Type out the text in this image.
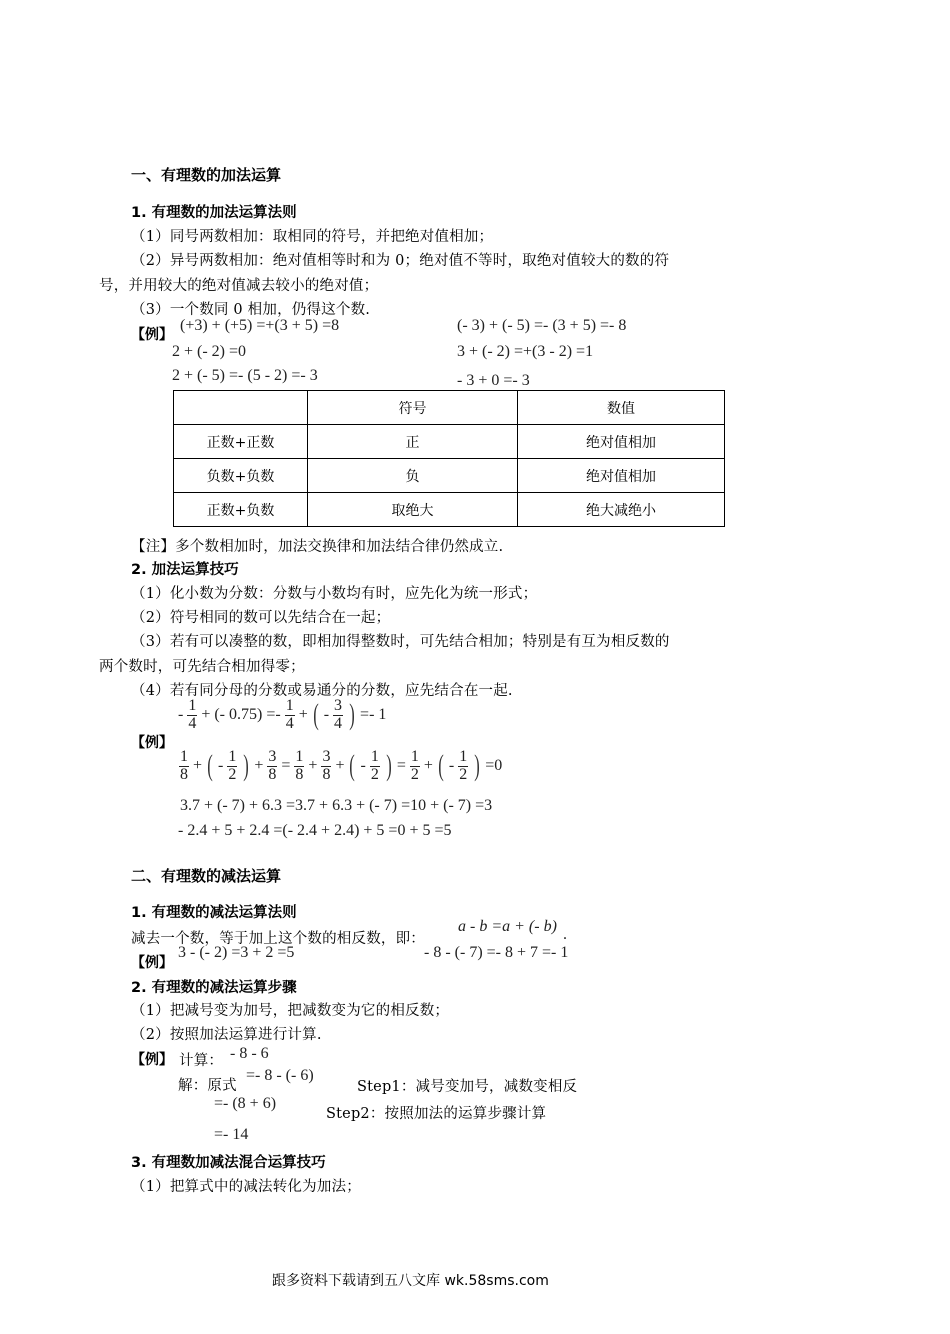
一、有理数的加法运算
1. 有理数的加法运算法则
（1）同号两数相加：取相同的符号，并把绝对值相加；
（2）异号两数相加：绝对值相等时和为 0；绝对值不等时，取绝对值较大的数的符
号，并用较大的绝对值减去较小的绝对值；
（3）一个数同 0 相加，仍得这个数.
【例】
(+3) + (+5) =+(3 + 5) =8
2 + (- 2) =0
2 + (- 5) =- (5 - 2) =- 3
(- 3) + (- 5) =- (3 + 5) =- 8
3 + (- 2) =+(3 - 2) =1
- 3 + 0 =- 3
	符号	数值
正数+正数	正	绝对值相加
负数+负数	负	绝对值相加
正数+负数	取绝大	绝大减绝小
【注】多个数相加时，加法交换律和加法结合律仍然成立.
2. 加法运算技巧
（1）化小数为分数：分数与小数均有时，应先化为统一形式；
（2）符号相同的数可以先结合在一起；
（3）若有可以凑整的数，即相加得整数时，可先结合相加；特别是有互为相反数的
两个数时，可先结合相加得零；
（4）若有同分母的分数或易通分的分数，应先结合在一起.
【例】
- $\frac{1}{4}$ + (- $0.75) =- \frac{1}{4}$ + ( - $\frac{3}{4}$ ) =- 1
$\frac{1}{8}$ + ( - $\frac{1}{2}$ ) + $\frac{3}{8} = \frac{1}{8} + \frac{3}{8}$ + ( - $\frac{1}{2}$ ) = $\frac{1}{2}$ + ( - $\frac{1}{2}$ ) =0
3.7 + (- 7) + 6.3 =3.7 + 6.3 + (- 7) =10 + (- 7) =3
- 2.4 + 5 + 2.4 =(- 2.4 + 2.4) + 5 =0 + 5 =5
二、有理数的减法运算
1. 有理数的减法运算法则
减去一个数，等于加上这个数的相反数，即：
a - b =a + (- b) .
3 - (- 2) =3 + 2 =5	- 8 - (- 7) =- 8 + 7 =- 1
【例】
2. 有理数的减法运算步骤
（1）把减号变为加号，把减数变为它的相反数；
（2）按照加法运算进行计算.
【例】 计算： - 8 - 6
解：原式
=- 8 - (- 6)
=- (8 + 6)
=- 14
Step1：减号变加号，减数变相反
Step2：按照加法的运算步骤计算
3. 有理数加减法混合运算技巧
（1）把算式中的减法转化为加法；
跟多资料下载请到五八文库 wk.58sms.com
